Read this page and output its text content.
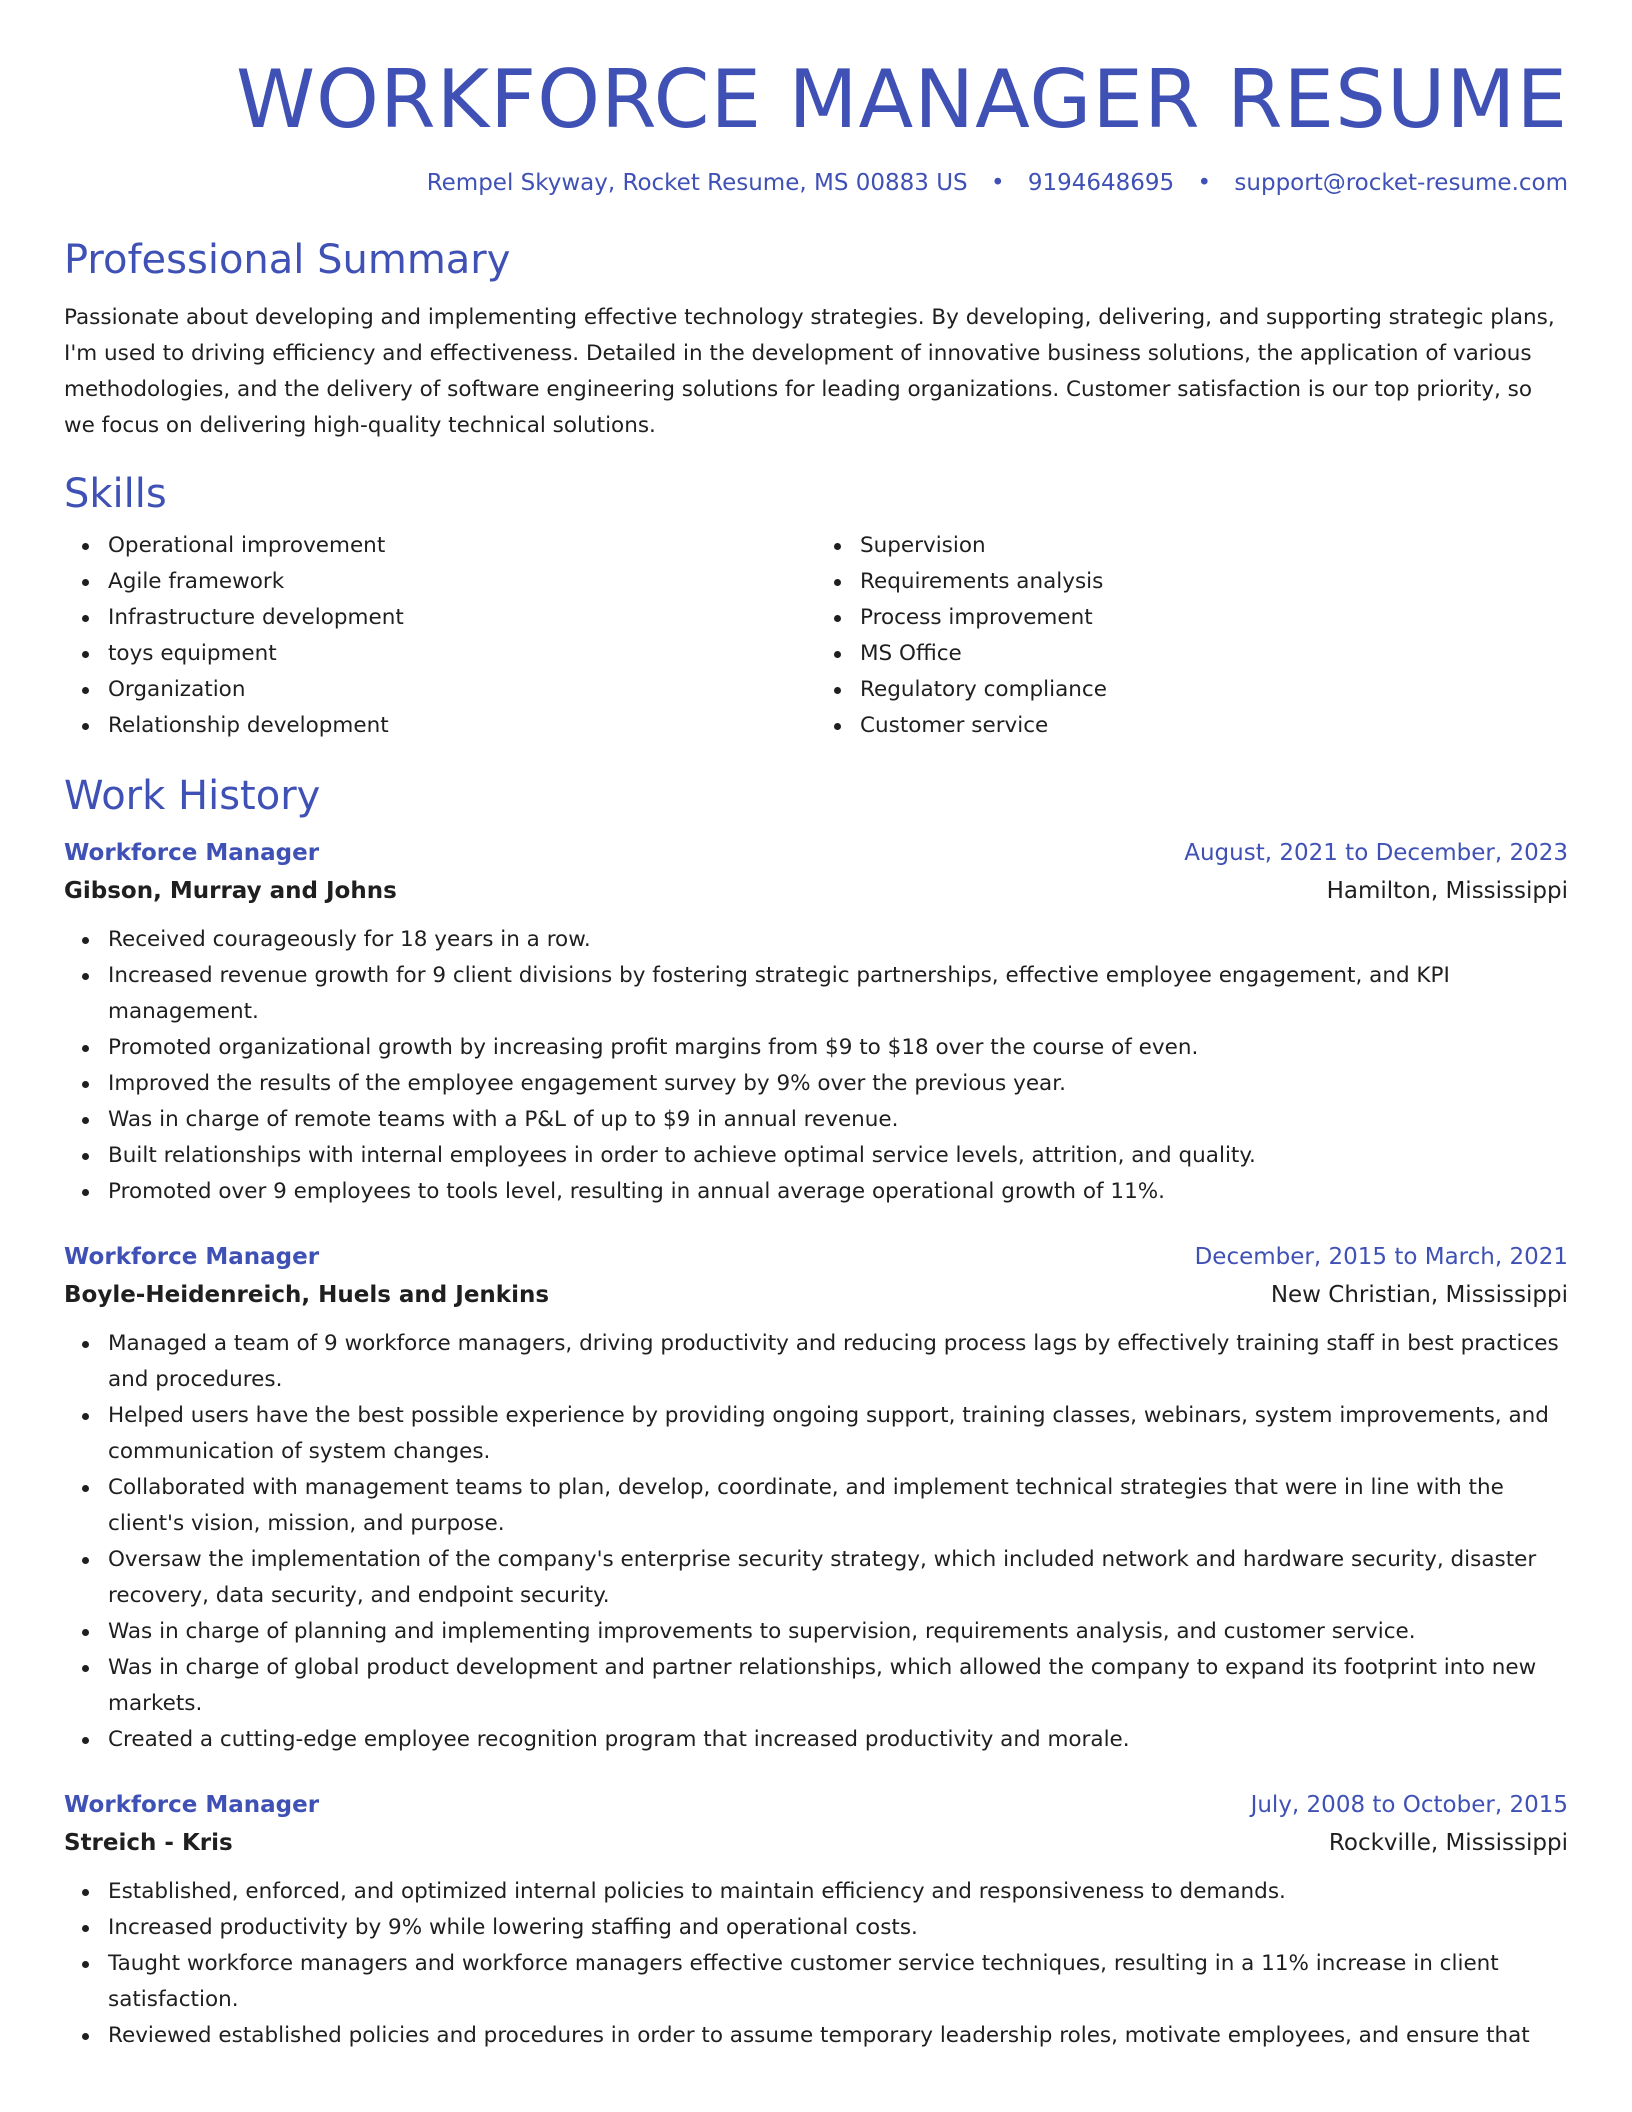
WORKFORCE MANAGER RESUME
Rempel Skyway, Rocket Resume, MS 00883 US • 9194648695 • support@rocket-resume.com
Professional Summary

Passionate about developing and implementing effective technology strategies. By developing, delivering, and supporting strategic plans, I'm used to driving efficiency and effectiveness. Detailed in the development of innovative business solutions, the application of various methodologies, and the delivery of software engineering solutions for leading organizations. Customer satisfaction is our top priority, so we focus on delivering high-quality technical solutions.

Skills
Operational improvement
Agile framework
Infrastructure development
toys equipment
Organization
Relationship development
Supervision
Requirements analysis
Process improvement
MS Office
Regulatory compliance
Customer service
Work History
Workforce Manager	August, 2021 to December, 2023
Gibson, Murray and Johns	Hamilton, Mississippi
Received courageously for 18 years in a row.
Increased revenue growth for 9 client divisions by fostering strategic partnerships, effective employee engagement, and KPI management.
Promoted organizational growth by increasing profit margins from $9 to $18 over the course of even.
Improved the results of the employee engagement survey by 9% over the previous year.
Was in charge of remote teams with a P&L of up to $9 in annual revenue.
Built relationships with internal employees in order to achieve optimal service levels, attrition, and quality.
Promoted over 9 employees to tools level, resulting in annual average operational growth of 11%.
Workforce Manager	December, 2015 to March, 2021
Boyle-Heidenreich, Huels and Jenkins	New Christian, Mississippi
Managed a team of 9 workforce managers, driving productivity and reducing process lags by effectively training staff in best practices and procedures.
Helped users have the best possible experience by providing ongoing support, training classes, webinars, system improvements, and communication of system changes.
Collaborated with management teams to plan, develop, coordinate, and implement technical strategies that were in line with the client's vision, mission, and purpose.
Oversaw the implementation of the company's enterprise security strategy, which included network and hardware security, disaster recovery, data security, and endpoint security.
Was in charge of planning and implementing improvements to supervision, requirements analysis, and customer service.
Was in charge of global product development and partner relationships, which allowed the company to expand its footprint into new markets.
Created a cutting-edge employee recognition program that increased productivity and morale.
Workforce Manager	July, 2008 to October, 2015
Streich - Kris	Rockville, Mississippi
Established, enforced, and optimized internal policies to maintain efficiency and responsiveness to demands.
Increased productivity by 9% while lowering staffing and operational costs.
Taught workforce managers and workforce managers effective customer service techniques, resulting in a 11% increase in client satisfaction.
Reviewed established policies and procedures in order to assume temporary leadership roles, motivate employees, and ensure that
